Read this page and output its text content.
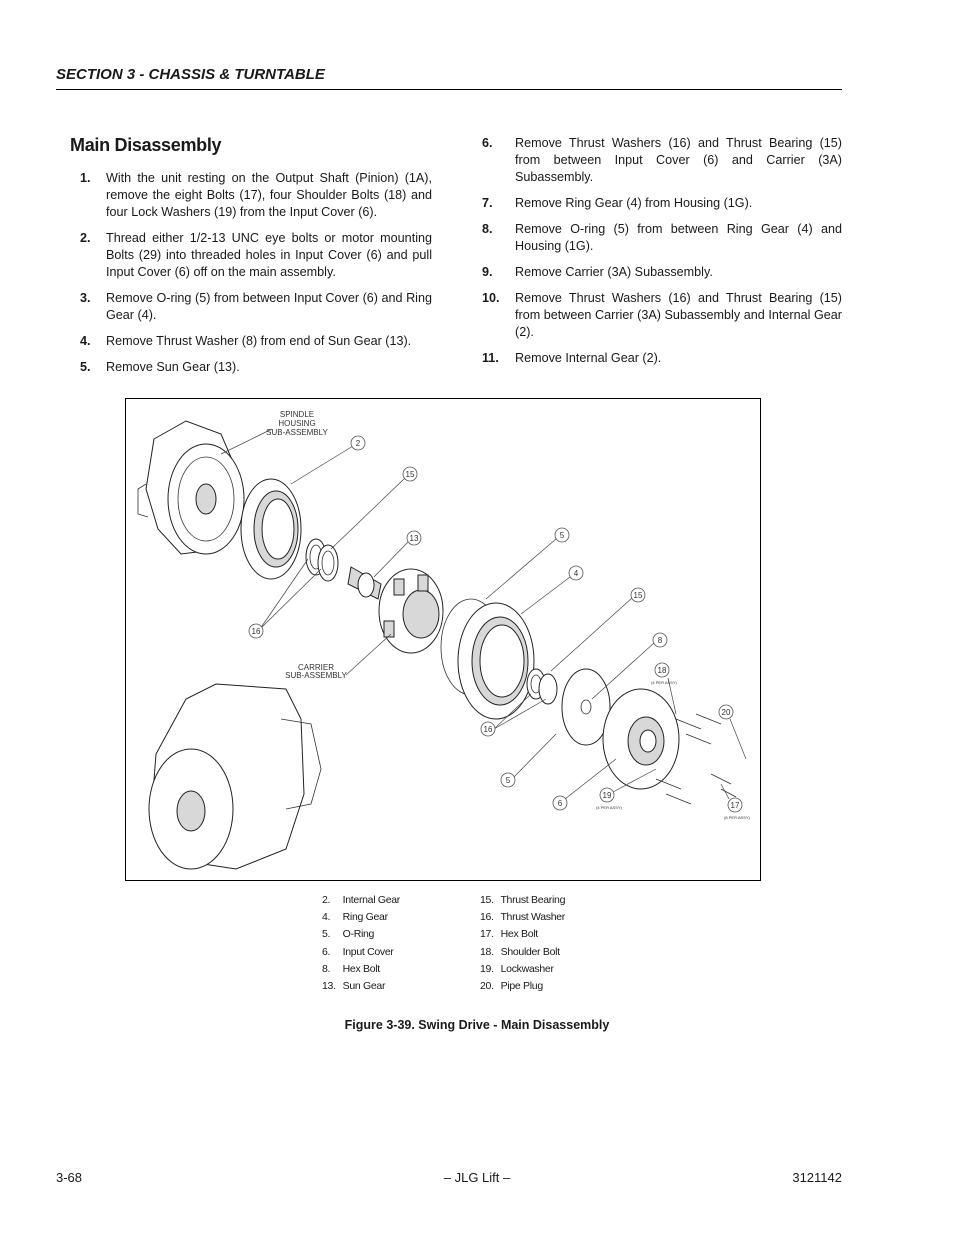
SECTION 3 - CHASSIS & TURNTABLE
Main Disassembly
1.	With the unit resting on the Output Shaft (Pinion) (1A), remove the eight Bolts (17), four Shoulder Bolts (18) and four Lock Washers (19) from the Input Cover (6).
2.	Thread either 1/2-13 UNC eye bolts or motor mounting Bolts (29) into threaded holes in Input Cover (6) and pull Input Cover (6) off on the main assembly.
3.	Remove O-ring (5) from between Input Cover (6) and Ring Gear (4).
4.	Remove Thrust Washer (8) from end of Sun Gear (13).
5.	Remove Sun Gear (13).
6.	Remove Thrust Washers (16) and Thrust Bearing (15) from between Input Cover (6) and Carrier (3A) Subassembly.
7.	Remove Ring Gear (4) from Housing (1G).
8.	Remove O-ring (5) from between Ring Gear (4) and Housing (1G).
9.	Remove Carrier (3A) Subassembly.
10.	Remove Thrust Washers (16) and Thrust Bearing (15) from between Carrier (3A) Subassembly and Internal Gear (2).
11.	Remove Internal Gear (2).
SPINDLE
HOUSING
SUB-ASSEMBLY
CARRIER
SUB-ASSEMBLY
2
15
13	5
4
15
8
18
(4 PER ASSY)
20
16
16
5
6
19
(4 PER ASSY)	17
(8 PER ASSY)
2. Internal Gear
4. Ring Gear
5. O-Ring
6. Input Cover
8. Hex Bolt
13. Sun Gear
15. Thrust Bearing
16. Thrust Washer
17. Hex Bolt
18. Shoulder Bolt
19. Lockwasher
20. Pipe Plug
Figure 3-39. Swing Drive - Main Disassembly
3-68	– JLG Lift –	3121142
